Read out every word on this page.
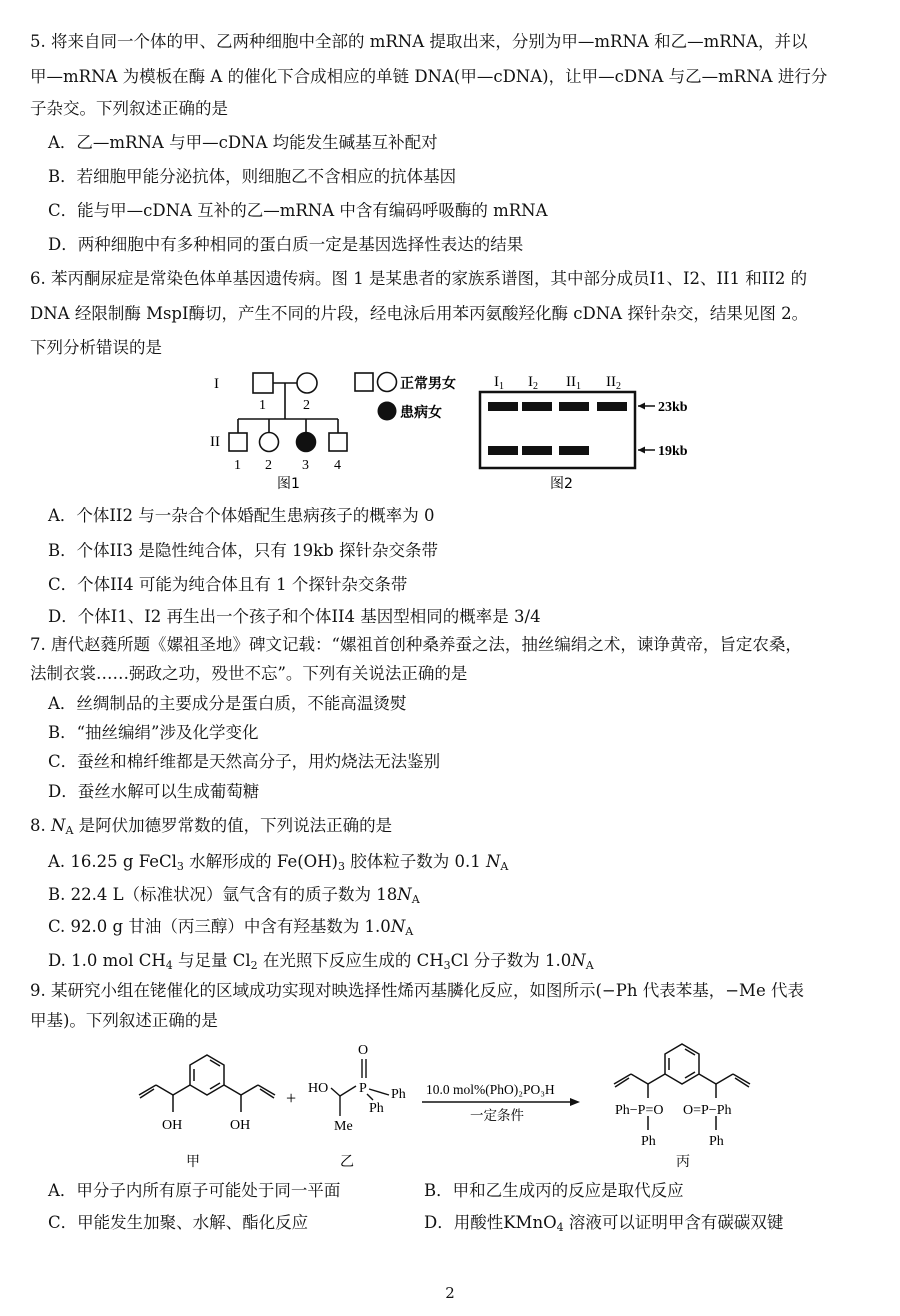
5. 将来自同一个体的甲、乙两种细胞中全部的 mRNA 提取出来，分别为甲—mRNA 和乙—mRNA，并以
甲—mRNA 为模板在酶 A 的催化下合成相应的单链 DNA(甲—cDNA)，让甲—cDNA 与乙—mRNA 进行分
子杂交。下列叙述正确的是
A．乙—mRNA 与甲—cDNA 均能发生碱基互补配对
B．若细胞甲能分泌抗体，则细胞乙不含相应的抗体基因
C．能与甲—cDNA 互补的乙—mRNA 中含有编码呼吸酶的 mRNA
D．两种细胞中有多种相同的蛋白质一定是基因选择性表达的结果
6. 苯丙酮尿症是常染色体单基因遗传病。图 1 是某患者的家族系谱图，其中部分成员I1、I2、II1 和II2 的
DNA 经限制酶 MspI酶切，产生不同的片段，经电泳后用苯丙氨酸羟化酶 cDNA 探针杂交，结果见图 2。
下列分析错误的是
I
II
1	2
1 2 3 4
图1
正常男女
患病女
$I_1$ $I_2$ $II_1$ $II_2$
23kb
19kb
图2
A．个体II2 与一杂合个体婚配生患病孩子的概率为 0
B．个体II3 是隐性纯合体，只有 19kb 探针杂交条带
C．个体II4 可能为纯合体且有 1 个探针杂交条带
D．个体I1、I2 再生出一个孩子和个体II4 基因型相同的概率是 3/4
7. 唐代赵蕤所题《嫘祖圣地》碑文记载：“嫘祖首创种桑养蚕之法，抽丝编绢之术，谏诤黄帝，旨定农桑，
法制衣裳……弼政之功，殁世不忘”。下列有关说法正确的是
A．丝绸制品的主要成分是蛋白质，不能高温烫熨
B．“抽丝编绢”涉及化学变化
C．蚕丝和棉纤维都是天然高分子，用灼烧法无法鉴别
D．蚕丝水解可以生成葡萄糖
8. $N_A$ 是阿伏加德罗常数的值，下列说法正确的是
A. 16.25 g FeCl$_3$ 水解形成的 $Fe(OH)_3$ 胶体粒子数为 0.1 $N_A$
B. 22.4 L（标准状况）氩气含有的质子数为 $18N_A$
C. 92.0 g 甘油（丙三醇）中含有羟基数为 $1.0N_A$
D. 1.0 mol $CH_4$ 与足量 $Cl_2$ 在光照下反应生成的 $CH_3Cl$ 分子数为 $1.0N_A$
9. 某研究小组在铑催化的区域成功实现对映选择性烯丙基膦化反应，如图所示(−Ph 代表苯基，−Me 代表
甲基)。下列叙述正确的是
OH	OH
+ HO
O
P Ph
Ph
Me
10.0 mol%(PhO)₂PO₃H
一定条件	Ph−P=O O=P−Ph
Ph	Ph
甲	乙	丙
A．甲分子内所有原子可能处于同一平面	B．甲和乙生成丙的反应是取代反应
C．甲能发生加聚、水解、酯化反应	D．用酸性KMnO$_4$ 溶液可以证明甲含有碳碳双键
2
